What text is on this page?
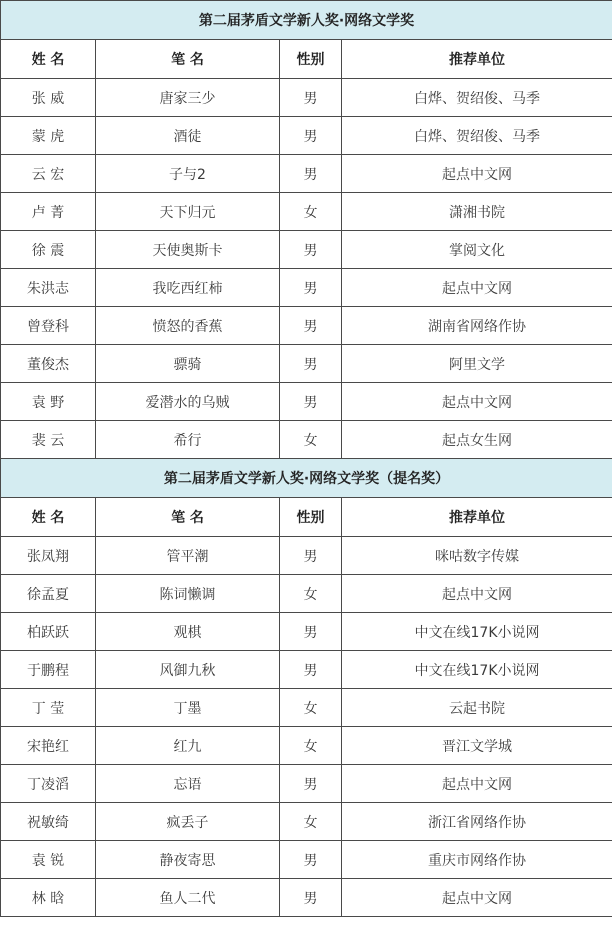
第二届茅盾文学新人奖·网络文学奖			
姓 名	笔 名	性别	推荐单位
张 威	唐家三少	男	白烨、贺绍俊、马季
蒙 虎	酒徒	男	白烨、贺绍俊、马季
云 宏	子与2	男	起点中文网
卢 菁	天下归元	女	潇湘书院
徐 震	天使奥斯卡	男	掌阅文化
朱洪志	我吃西红柿	男	起点中文网
曾登科	愤怒的香蕉	男	湖南省网络作协
董俊杰	骠骑	男	阿里文学
袁 野	爱潜水的乌贼	男	起点中文网
裴 云	希行	女	起点女生网
第二届茅盾文学新人奖·网络文学奖（提名奖）			
姓 名	笔 名	性别	推荐单位
张凤翔	管平潮	男	咪咕数字传媒
徐孟夏	陈词懒调	女	起点中文网
柏跃跃	观棋	男	中文在线17K小说网
于鹏程	风御九秋	男	中文在线17K小说网
丁 莹	丁墨	女	云起书院
宋艳红	红九	女	晋江文学城
丁凌滔	忘语	男	起点中文网
祝敏绮	疯丢子	女	浙江省网络作协
袁 锐	静夜寄思	男	重庆市网络作协
林 晗	鱼人二代	男	起点中文网
